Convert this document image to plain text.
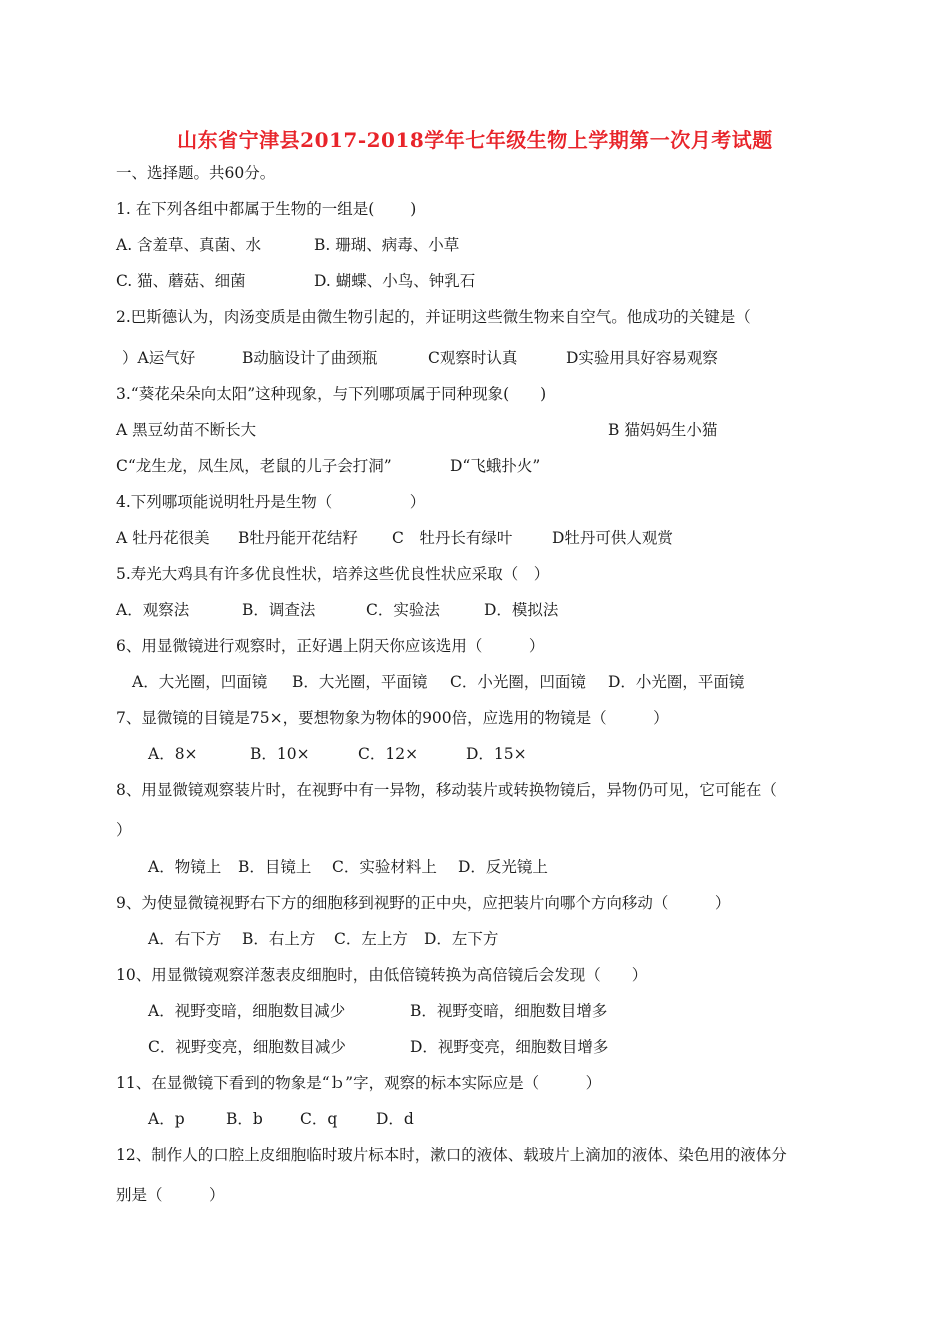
山东省宁津县2017-2018学年七年级生物上学期第一次月考试题
一、选择题。共60分。
1. 在下列各组中都属于生物的一组是(　　 )
A. 含羞草、真菌、水	B. 珊瑚、病毒、小草
C. 猫、蘑菇、细菌	D. 蝴蝶、小鸟、钟乳石
2.巴斯德认为，肉汤变质是由微生物引起的，并证明这些微生物来自空气。他成功的关键是（
）A运气好	B动脑设计了曲颈瓶	C观察时认真	D实验用具好容易观察
3.“葵花朵朵向太阳”这种现象，与下列哪项属于同种现象(　　)
A 黑豆幼苗不断长大	B 猫妈妈生小猫
C“龙生龙，凤生凤，老鼠的儿子会打洞”	D“飞蛾扑火”
4.下列哪项能说明牡丹是生物（　　　　　）
A 牡丹花很美 B牡丹能开花结籽 C　牡丹长有绿叶	D牡丹可供人观赏
5.寿光大鸡具有许多优良性状，培养这些优良性状应采取（　）
A．观察法	B．调查法	C．实验法	D．模拟法
6、用显微镜进行观察时，正好遇上阴天你应该选用（　　　）
A．大光圈，凹面镜 B．大光圈，平面镜 C．小光圈，凹面镜 D．小光圈，平面镜
7、显微镜的目镜是75×，要想物象为物体的900倍，应选用的物镜是（　　　）
A．8×	B．10×	C．12×	D．15×
8、用显微镜观察装片时，在视野中有一异物，移动装片或转换物镜后，异物仍可见，它可能在（
）
A．物镜上 B．目镜上 C．实验材料上 D．反光镜上
9、为使显微镜视野右下方的细胞移到视野的正中央，应把装片向哪个方向移动（　　　）
A．右下方 B．右上方 C．左上方 D．左下方
10、用显微镜观察洋葱表皮细胞时，由低倍镜转换为高倍镜后会发现（　　）
A．视野变暗，细胞数目减少	B．视野变暗，细胞数目增多
C．视野变亮，细胞数目减少	D．视野变亮，细胞数目增多
11、在显微镜下看到的物象是“ｂ”字，观察的标本实际应是（　　　）
A．p	B．b C．q D．d
12、制作人的口腔上皮细胞临时玻片标本时，漱口的液体、载玻片上滴加的液体、染色用的液体分
别是（　　　）
